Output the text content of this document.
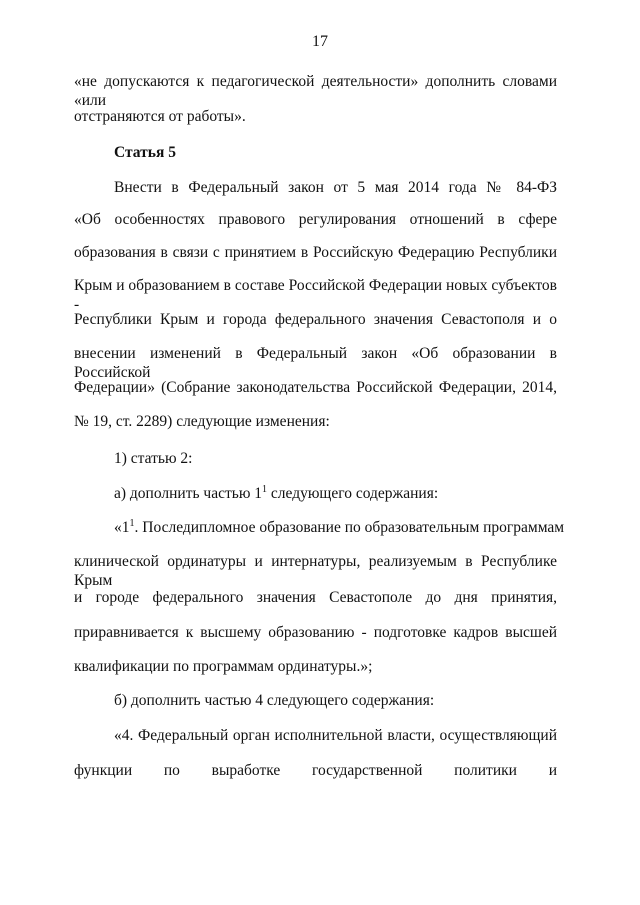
17
«не допускаются к педагогической деятельности» дополнить словами «или
отстраняются от работы».
Статья 5
Внести в Федеральный закон от 5 мая 2014 года № 84-ФЗ
«Об особенностях правового регулирования отношений в сфере
образования в связи с принятием в Российскую Федерацию Республики
Крым и образованием в составе Российской Федерации новых субъектов -
Республики Крым и города федерального значения Севастополя и о
внесении изменений в Федеральный закон «Об образовании в Российской
Федерации» (Собрание законодательства Российской Федерации, 2014,
№ 19, ст. 2289) следующие изменения:
1) статью 2:
а) дополнить частью $1^1$ следующего содержания:
«$1^1$. Последипломное образование по образовательным программам
клинической ординатуры и интернатуры, реализуемым в Республике Крым
и городе федерального значения Севастополе до дня принятия,
приравнивается к высшему образованию - подготовке кадров высшей
квалификации по программам ординатуры.»;
б) дополнить частью 4 следующего содержания:
«4. Федеральный орган исполнительной власти, осуществляющий
функции по выработке государственной политики и
